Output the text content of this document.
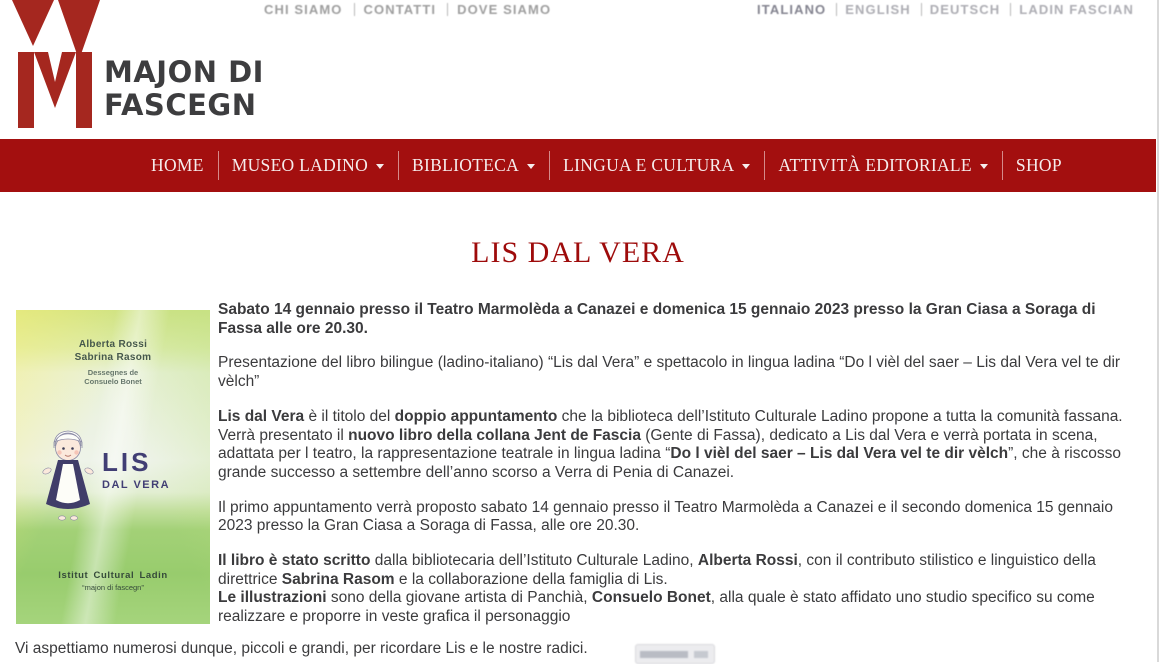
MAJON DI
FASCEGN
CHI SIAMO CONTATTI DOVE SIAMO	ITALIANO ENGLISH DEUTSCH LADIN FASCIAN
HOME	MUSEO LADINO	BIBLIOTECA	LINGUA E CULTURA	ATTIVITÀ EDITORIALE	SHOP
LIS DAL VERA
Alberta Rossi
Sabrina Rasom
Dessegnes de
Consuelo Bonet
LIS
DAL VERA
Istitut Cultural Ladin
“majon di fascegn”

Sabato 14 gennaio presso il Teatro Marmolèda a Canazei e domenica 15 gennaio 2023 presso la Gran Ciasa a Soraga di Fassa alle ore 20.30.

Presentazione del libro bilingue (ladino-italiano) “Lis dal Vera” e spettacolo in lingua ladina “Do l vièl del saer – Lis dal Vera vel te dir vèlch”

Lis dal Vera è il titolo del doppio appuntamento che la biblioteca dell’Istituto Culturale Ladino propone a tutta la comunità fassana. Verrà presentato il nuovo libro della collana Jent de Fascia (Gente di Fassa), dedicato a Lis dal Vera e verrà portata in scena, adattata per l teatro, la rappresentazione teatrale in lingua ladina “Do l vièl del saer – Lis dal Vera vel te dir vèlch”, che à riscosso grande successo a settembre dell’anno scorso a Verra di Penia di Canazei.

Il primo appuntamento verrà proposto sabato 14 gennaio presso il Teatro Marmolèda a Canazei e il secondo domenica 15 gennaio 2023 presso la Gran Ciasa a Soraga di Fassa, alle ore 20.30.

Il libro è stato scritto dalla bibliotecaria dell’Istituto Culturale Ladino, Alberta Rossi, con il contributo stilistico e linguistico della direttrice Sabrina Rasom e la collaborazione della famiglia di Lis.

Le illustrazioni sono della giovane artista di Panchià, Consuelo Bonet, alla quale è stato affidato uno studio specifico su come realizzare e proporre in veste grafica il personaggio

Vi aspettiamo numerosi dunque, piccoli e grandi, per ricordare Lis e le nostre radici.
